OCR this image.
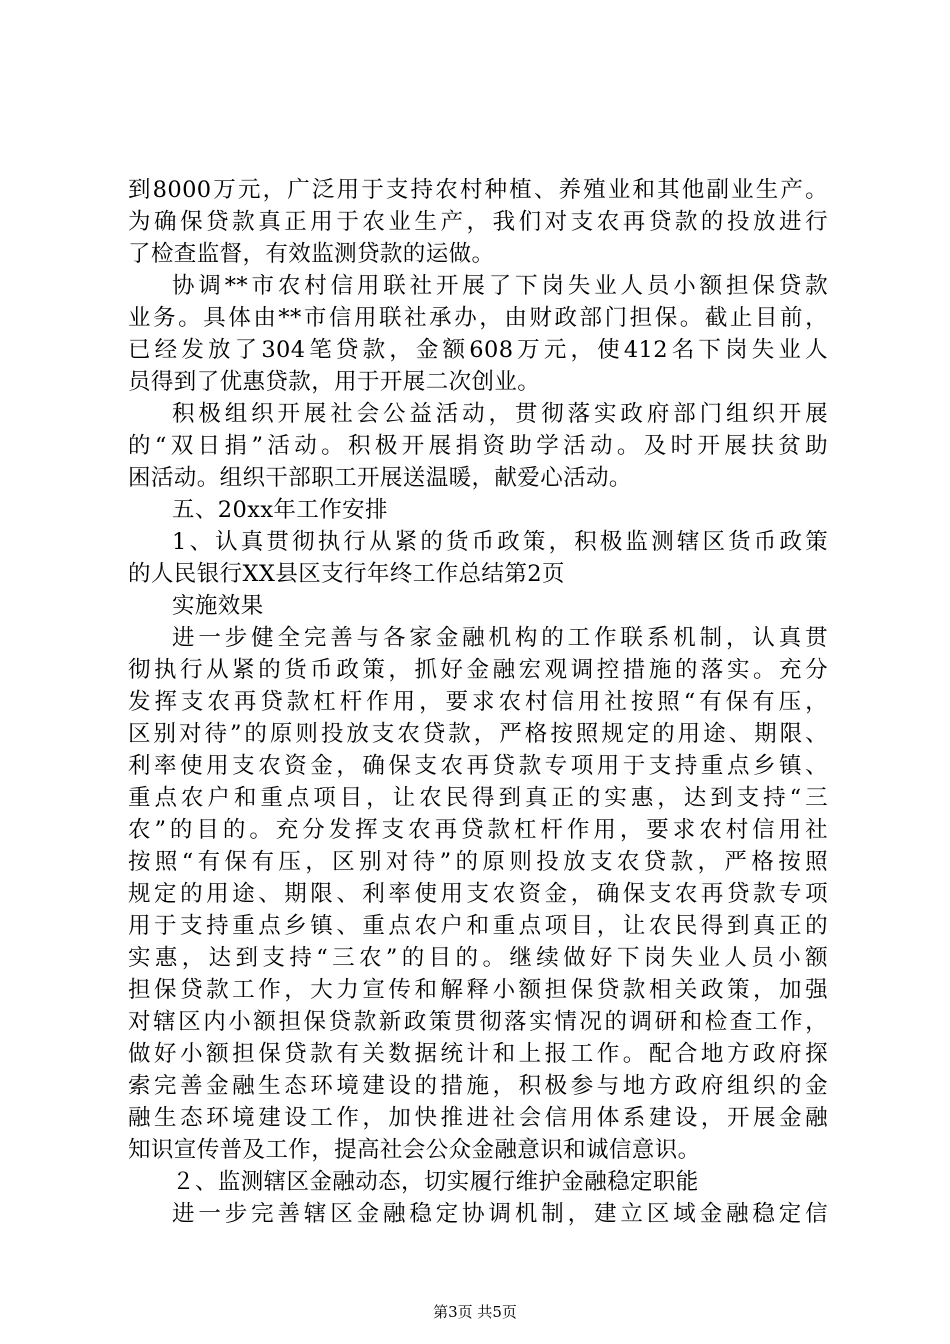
到8000万元，广泛用于支持农村种植、养殖业和其他副业生产。
为确保贷款真正用于农业生产，我们对支农再贷款的投放进行
了检查监督，有效监测贷款的运做。
协调**市农村信用联社开展了下岗失业人员小额担保贷款
业务。具体由**市信用联社承办，由财政部门担保。截止目前，
已经发放了304笔贷款，金额608万元，使412名下岗失业人
员得到了优惠贷款，用于开展二次创业。
积极组织开展社会公益活动，贯彻落实政府部门组织开展
的“双日捐”活动。积极开展捐资助学活动。及时开展扶贫助
困活动。组织干部职工开展送温暖，献爱心活动。
五、20xx年工作安排
1、认真贯彻执行从紧的货币政策，积极监测辖区货币政策
的人民银行XX县区支行年终工作总结第2页
实施效果
进一步健全完善与各家金融机构的工作联系机制，认真贯
彻执行从紧的货币政策，抓好金融宏观调控措施的落实。充分
发挥支农再贷款杠杆作用，要求农村信用社按照“有保有压，
区别对待”的原则投放支农贷款，严格按照规定的用途、期限、
利率使用支农资金，确保支农再贷款专项用于支持重点乡镇、
重点农户和重点项目，让农民得到真正的实惠，达到支持“三
农”的目的。充分发挥支农再贷款杠杆作用，要求农村信用社
按照“有保有压，区别对待”的原则投放支农贷款，严格按照
规定的用途、期限、利率使用支农资金，确保支农再贷款专项
用于支持重点乡镇、重点农户和重点项目，让农民得到真正的
实惠，达到支持“三农”的目的。继续做好下岗失业人员小额
担保贷款工作，大力宣传和解释小额担保贷款相关政策，加强
对辖区内小额担保贷款新政策贯彻落实情况的调研和检查工作，
做好小额担保贷款有关数据统计和上报工作。配合地方政府探
索完善金融生态环境建设的措施，积极参与地方政府组织的金
融生态环境建设工作，加快推进社会信用体系建设，开展金融
知识宣传普及工作，提高社会公众金融意识和诚信意识。
２、监测辖区金融动态，切实履行维护金融稳定职能
进一步完善辖区金融稳定协调机制，建立区域金融稳定信
第3页 共5页
